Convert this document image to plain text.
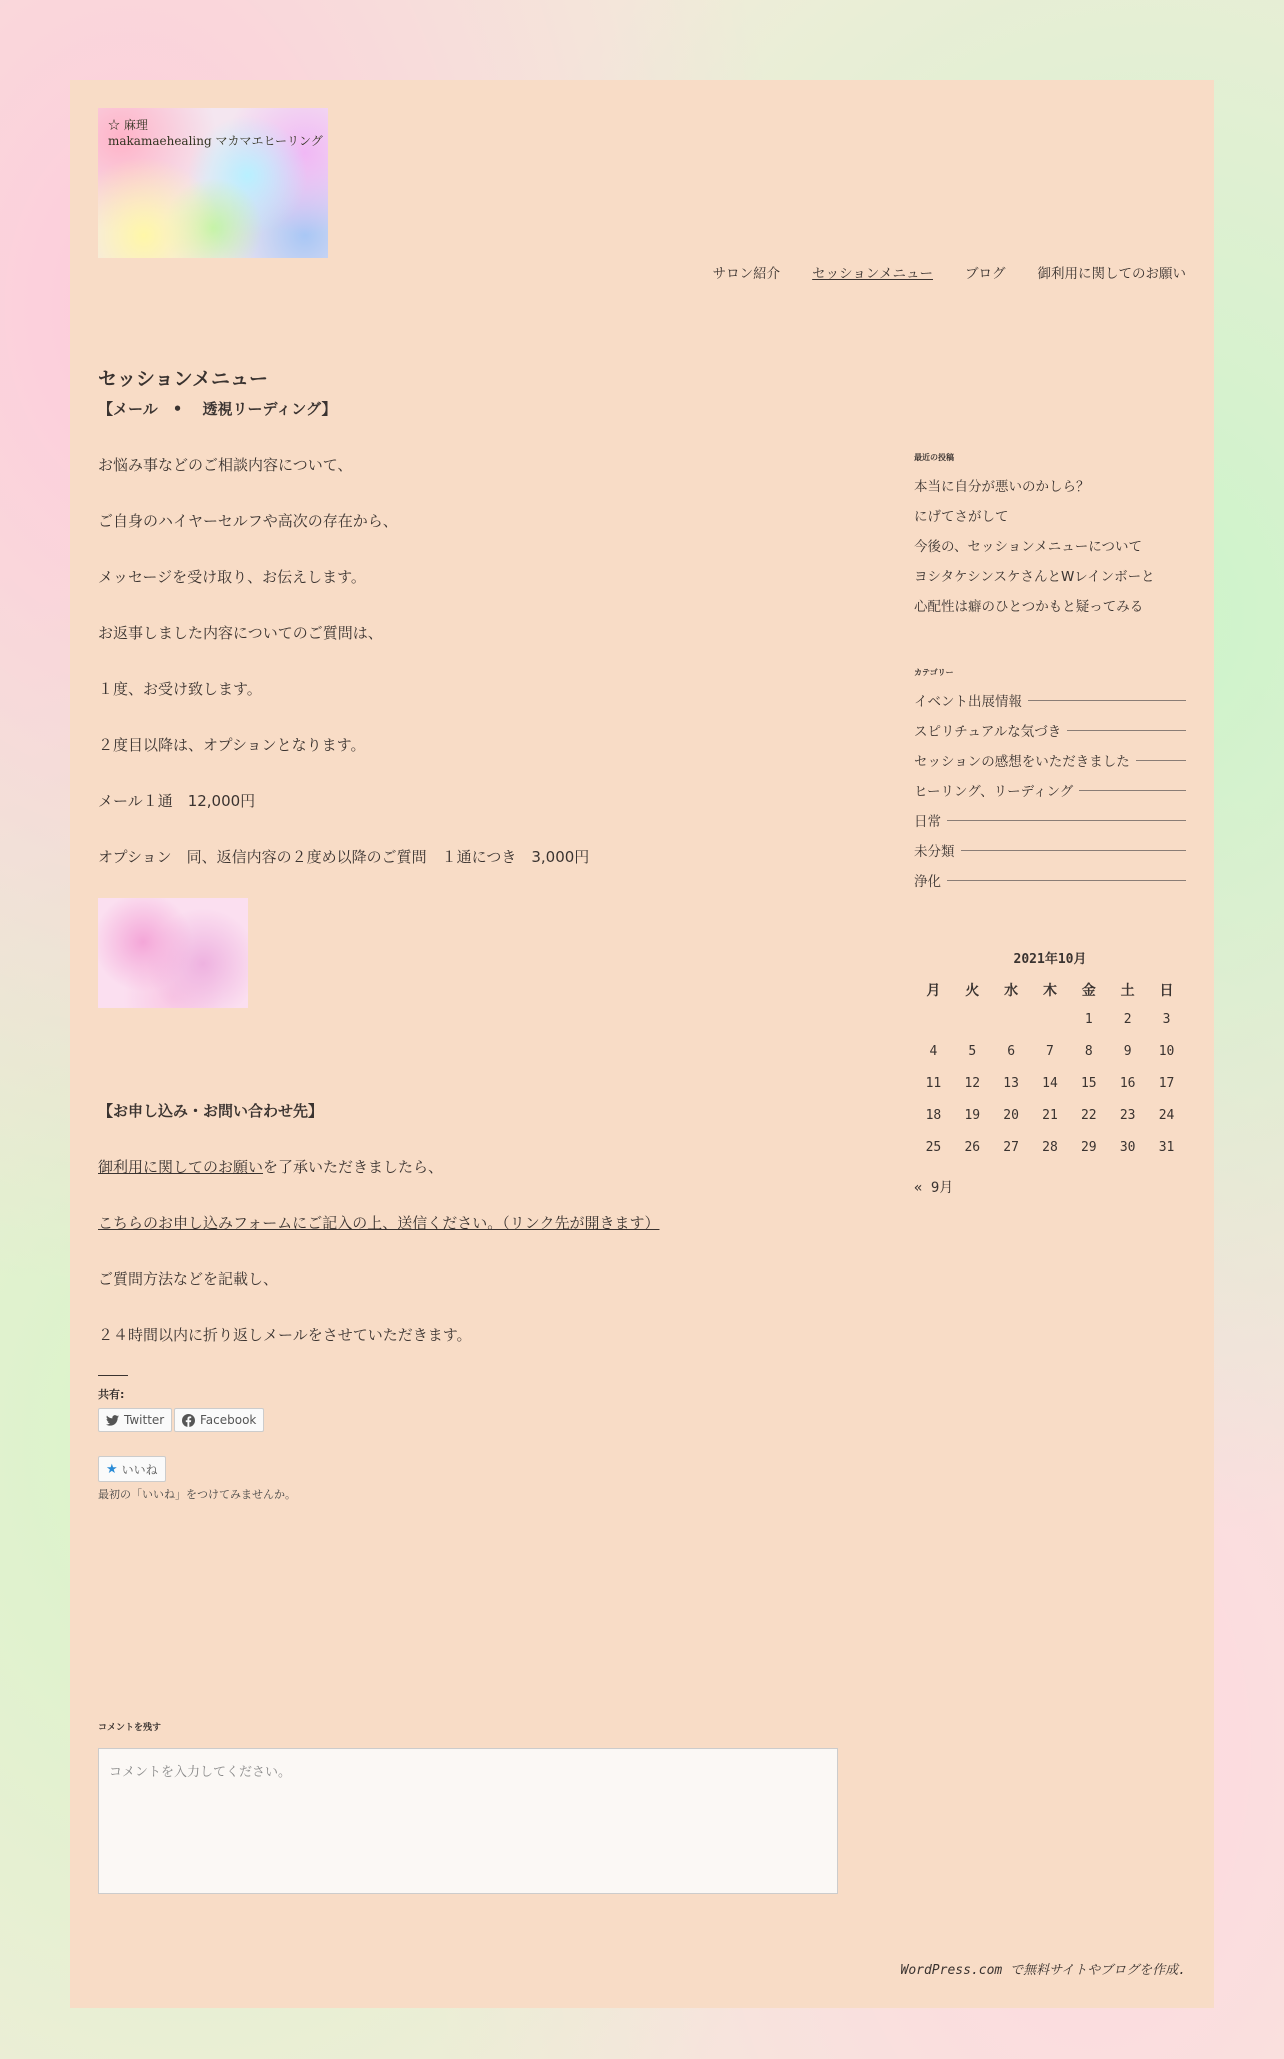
☆ 麻理
makamaehealing マカマエヒーリング
サロン紹介 セッションメニュー ブログ 御利用に関してのお願い
セッションメニュー
【メール　•　 透視リーディング】
お悩み事などのご相談内容について、
ご自身のハイヤーセルフや高次の存在から、
メッセージを受け取り、お伝えします。
お返事しました内容についてのご質問は、
１度、お受け致します。
２度目以降は、オプションとなります。
メール１通　12,000円
オプション　同、返信内容の２度め以降のご質問　１通につき　3,000円
【お申し込み・お問い合わせ先】
御利用に関してのお願いを了承いただきましたら、
こちらのお申し込みフォームにご記入の上、送信ください。（リンク先が開きます）
ご質問方法などを記載し、
２４時間以内に折り返しメールをさせていただきます。
共有:
Twitter	Facebook
★ いいね
最初の「いいね」をつけてみませんか。
コメントを残す
コメントを入力してください。
最近の投稿
本当に自分が悪いのかしら？
にげてさがして
今後の、セッションメニューについて
ヨシタケシンスケさんとWレインボーと
心配性は癖のひとつかもと疑ってみる
カテゴリー
イベント出展情報
スピリチュアルな気づき
セッションの感想をいただきました
ヒーリング、リーディング
日常
未分類
浄化
2021年10月
月	火	水	木	金	土	日
				1	2	3
4	5	6	7	8	9	10
11	12	13	14	15	16	17
18	19	20	21	22	23	24
25	26	27	28	29	30	31
« 9月
WordPress.com で無料サイトやブログを作成.
